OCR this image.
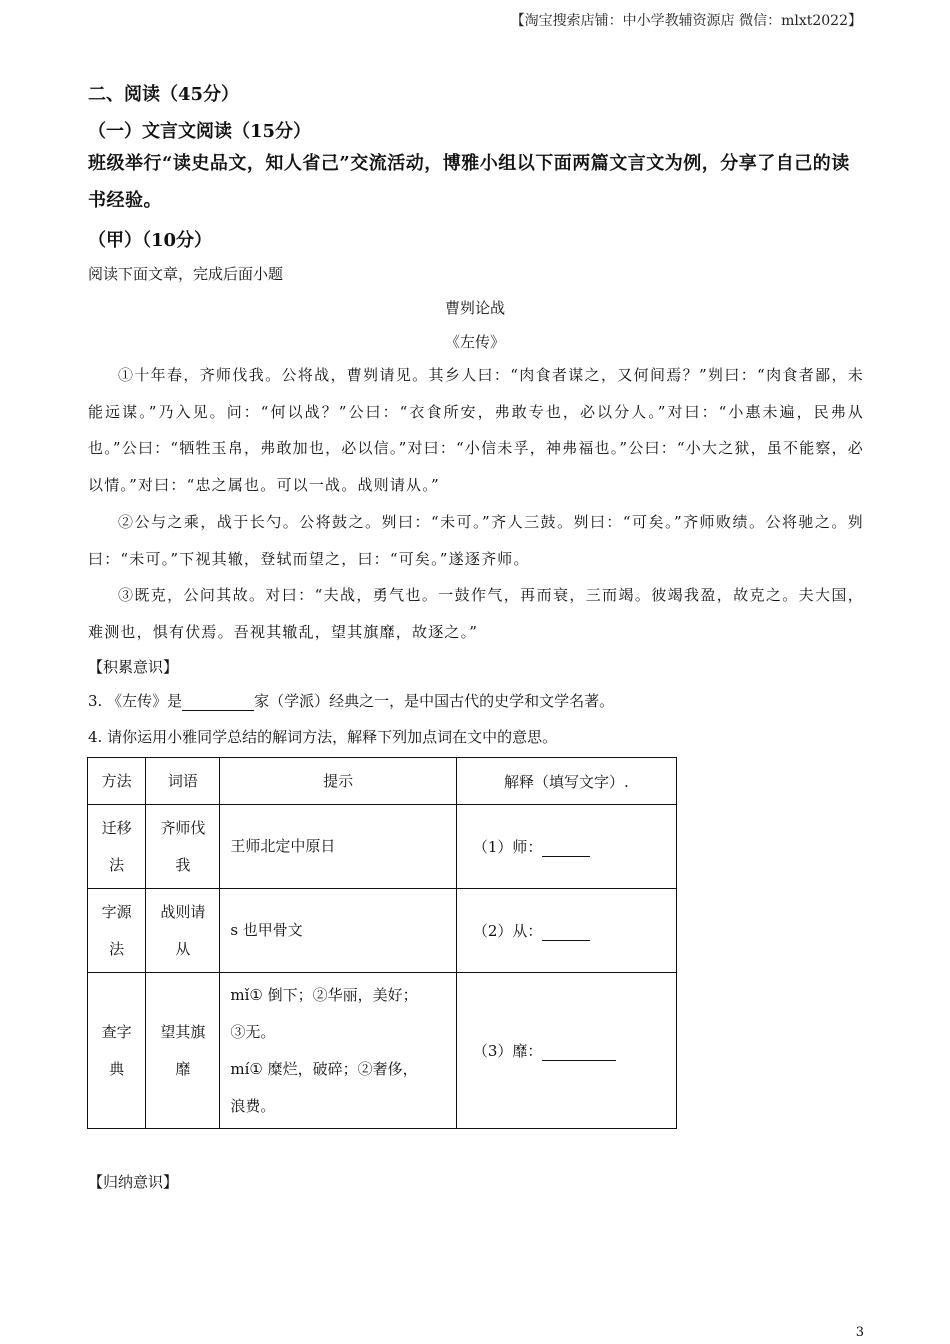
【淘宝搜索店铺：中小学教辅资源店 微信：mlxt2022】
二、阅读（45分）
（一）文言文阅读（15分）
班级举行“读史品文，知人省己”交流活动，博雅小组以下面两篇文言文为例，分享了自己的读书经验。
（甲）（10分）
阅读下面文章，完成后面小题
曹刿论战
《左传》
①十年春，齐师伐我。公将战，曹刿请见。其乡人曰：“肉食者谋之，又何间焉？”刿曰：“肉食者鄙，未能远谋。”乃入见。问：“何以战？”公曰：“衣食所安，弗敢专也，必以分人。”对曰：“小惠未遍，民弗从也。”公曰：“牺牲玉帛，弗敢加也，必以信。”对曰：“小信未孚，神弗福也。”公曰：“小大之狱，虽不能察，必以情。”对曰：“忠之属也。可以一战。战则请从。”
②公与之乘，战于长勺。公将鼓之。刿曰：“未可。”齐人三鼓。刿曰：“可矣。”齐师败绩。公将驰之。刿曰：“未可。”下视其辙，登轼而望之，曰：“可矣。”遂逐齐师。
③既克，公问其故。对曰：“夫战，勇气也。一鼓作气，再而衰，三而竭。彼竭我盈，故克之。夫大国，难测也，惧有伏焉。吾视其辙乱，望其旗靡，故逐之。”
【积累意识】
3. 《左传》是	家（学派）经典之一，是中国古代的史学和文学名著。
4. 请你运用小雅同学总结的解词方法，解释下列加点词在文中的意思。
方法	词语	提示	解释（填写文字）.
迁移法	齐师伐我	王师北定中原日	（1）师：
字源法	战则请从	s 也甲骨文	（2）从：
查字典	望其旗靡	mǐ① 倒下；②华丽，美好；
③无。
mí① 糜烂，破碎；②奢侈，
浪费。	（3）靡：
【归纳意识】
3
